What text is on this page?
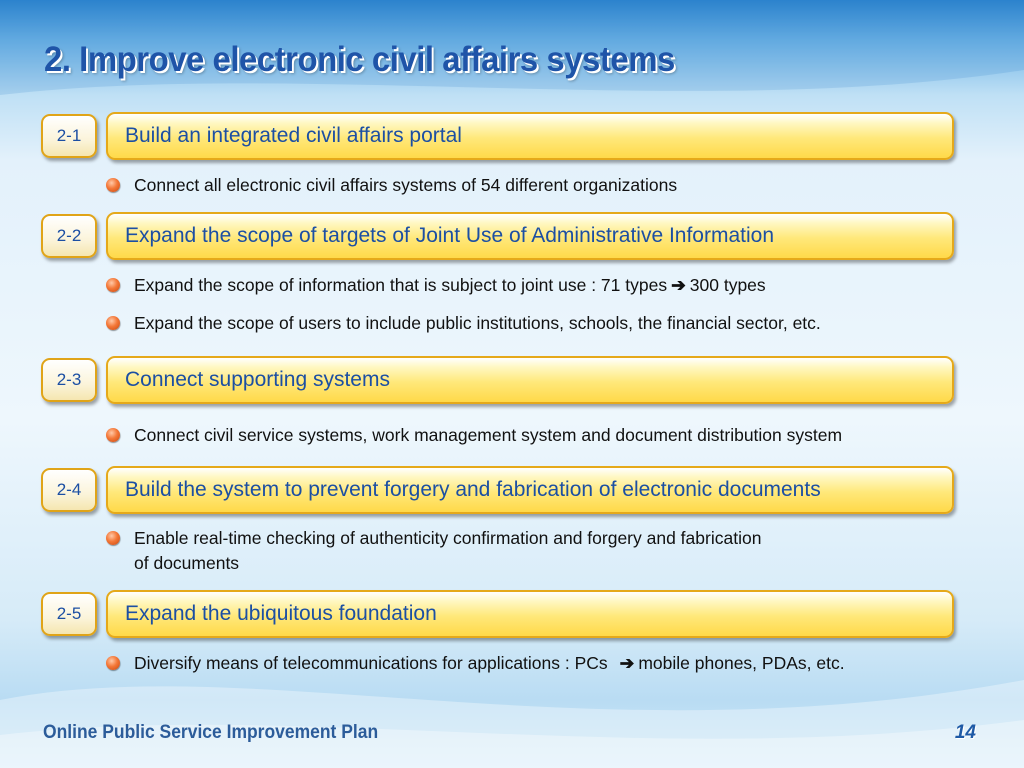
2. Improve electronic civil affairs systems
2-1	Build an integrated civil affairs portal
Connect all electronic civil affairs systems of 54 different organizations
2-2	Expand the scope of targets of Joint Use of Administrative Information
Expand the scope of information that is subject to joint use : 71 types ➔ 300 types
Expand the scope of users to include public institutions, schools, the financial sector, etc.
2-3	Connect supporting systems
Connect civil service systems, work management system and document distribution system
2-4	Build the system to prevent forgery and fabrication of electronic documents
Enable real-time checking of authenticity confirmation and forgery and fabrication
of documents
2-5	Expand the ubiquitous foundation
Diversify means of telecommunications for applications : PCs ➔ mobile phones, PDAs, etc.
Online Public Service Improvement Plan	14
